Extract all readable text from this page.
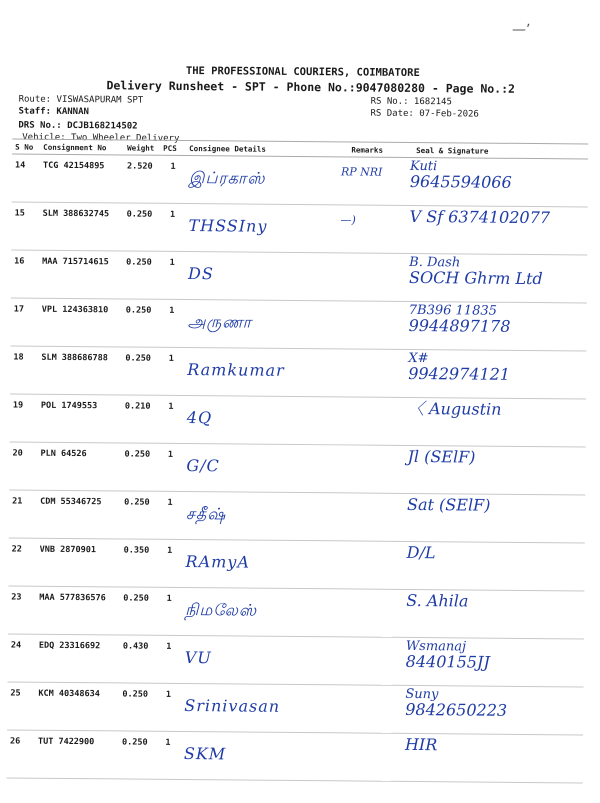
—ʼ
THE PROFESSIONAL COURIERS, COIMBATORE
Delivery Runsheet - SPT - Phone No.:9047080280 - Page No.:2
Route: VISWASAPURAM SPT
Staff: KANNAN
DRS No.: DCJB168214502
Vehicle: Two Wheeler Delivery
RS No.: 1682145
RS Date: 07-Feb-2026
S No	Consignment No	Weight	PCS	Consignee Details	Remarks	Seal & Signature
14	TCG 42154895	2.520	1	இப்ரகாஸ்	RP NRI	Kuti
9645594066

15	SLM 388632745	0.250	1	THSSIny	—)	V Sf 6374102077

16	MAA 715714615	0.250	1	DS		B. Dash
SOCH Ghrm Ltd

17	VPL 124363810	0.250	1	அருணா		7B396 11835
9944897178

18	SLM 388686788	0.250	1	Ramkumar		X#
9942974121

19	POL 1749553	0.210	1	4Q		〈 Augustin

20	PLN 64526	0.250	1	G/C		Jl (SElF)

21	CDM 55346725	0.250	1	சதீஷ்		Sat (SElF)

22	VNB 2870901	0.350	1	RAmyA		D/L

23	MAA 577836576	0.250	1	நிமலேஸ்		S. Ahila

24	EDQ 23316692	0.430	1	VU		Wsmanaj
8440155JJ

25	KCM 40348634	0.250	1	Srinivasan		Suny
9842650223

26	TUT 7422900	0.250	1	SKM		HIR
